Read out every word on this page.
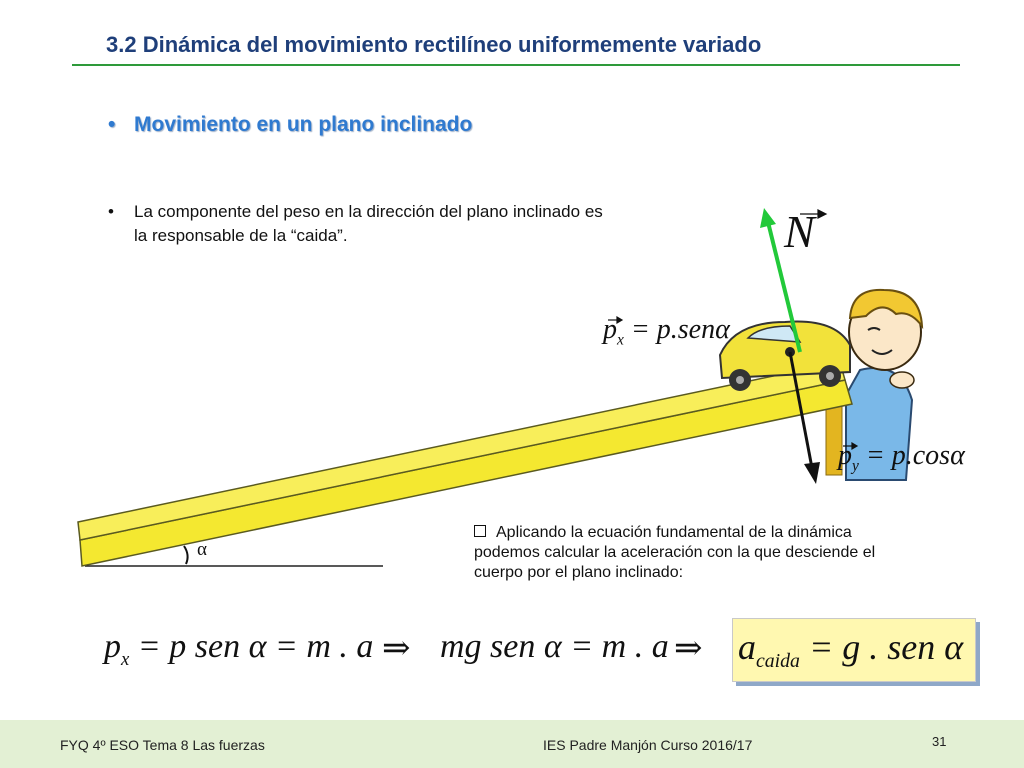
3.2 Dinámica del movimiento rectilíneo uniformemente variado
• Movimiento en un plano inclinado
• La componente del peso en la dirección del plano inclinado es la responsable de la “caida”.	N
$p_x = p.sen\alpha$
$p_y = p.\cos\alpha$
α
Aplicando la ecuación fundamental de la dinámica podemos calcular la aceleración con la que desciende el cuerpo por el plano inclinado:
$p_x = p$ sen α = m . a ⇒ mg sen α = m . a ⇒ $a_{caida} = g$ . sen α
FYQ 4º ESO Tema 8 Las fuerzas	IES Padre Manjón Curso 2016/17	31
